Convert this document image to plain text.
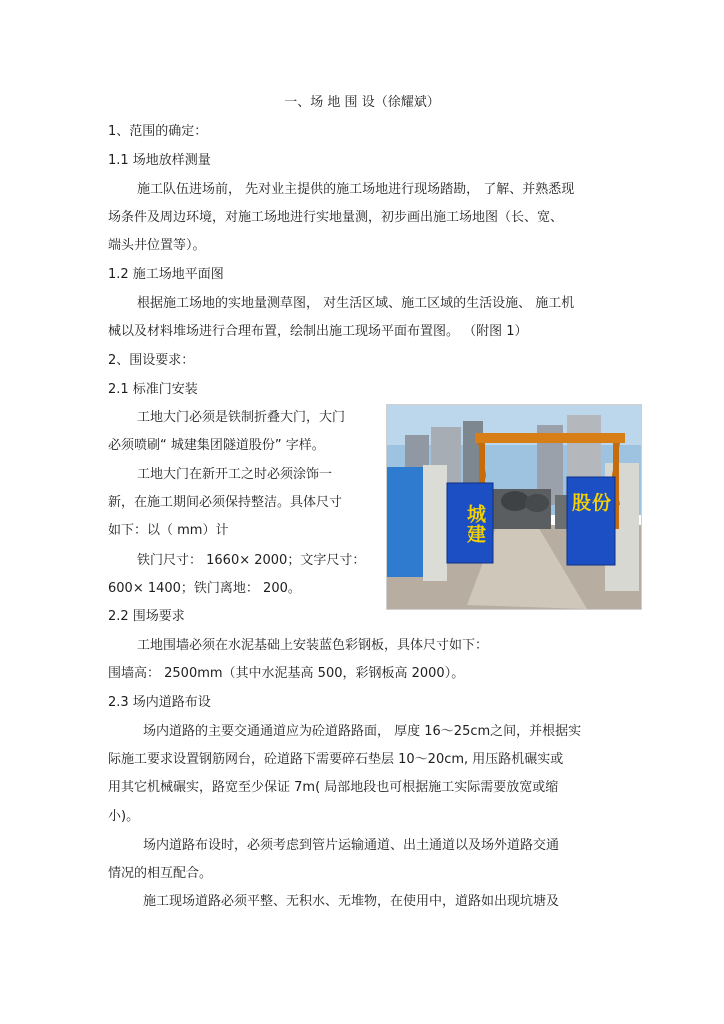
一、场 地 围 设（徐耀斌）

1、范围的确定：

1.1 场地放样测量

施工队伍进场前， 先对业主提供的施工场地进行现场踏勘， 了解、并熟悉现

场条件及周边环境，对施工场地进行实地量测，初步画出施工场地图（长、宽、

端头井位置等）。

1.2 施工场地平面图

根据施工场地的实地量测草图， 对生活区域、施工区域的生活设施、 施工机

械以及材料堆场进行合理布置，绘制出施工现场平面布置图。 （附图 1）

2、围设要求：

2.1 标准门安装

工地大门必须是铁制折叠大门，大门

必须喷刷“ 城建集团隧道股份” 字样。

工地大门在新开工之时必须涂饰一

新，在施工期间必须保持整洁。具体尺寸

如下：以（ mm）计

铁门尺寸： 1660× 2000；文字尺寸：

600× 1400；铁门离地： 200。

城建
股份

2.2 围场要求

工地围墙必须在水泥基础上安装蓝色彩钢板，具体尺寸如下：

围墙高： 2500mm（其中水泥基高 500，彩钢板高 2000）。

2.3 场内道路布设

场内道路的主要交通通道应为砼道路路面， 厚度 16～25cm之间，并根据实

际施工要求设置钢筋网台，砼道路下需要碎石垫层 10～20cm, 用压路机碾实或

用其它机械碾实，路宽至少保证 7m( 局部地段也可根据施工实际需要放宽或缩

小)。

场内道路布设时，必须考虑到管片运输通道、出土通道以及场外道路交通

情况的相互配合。

施工现场道路必须平整、无积水、无堆物，在使用中，道路如出现坑塘及
